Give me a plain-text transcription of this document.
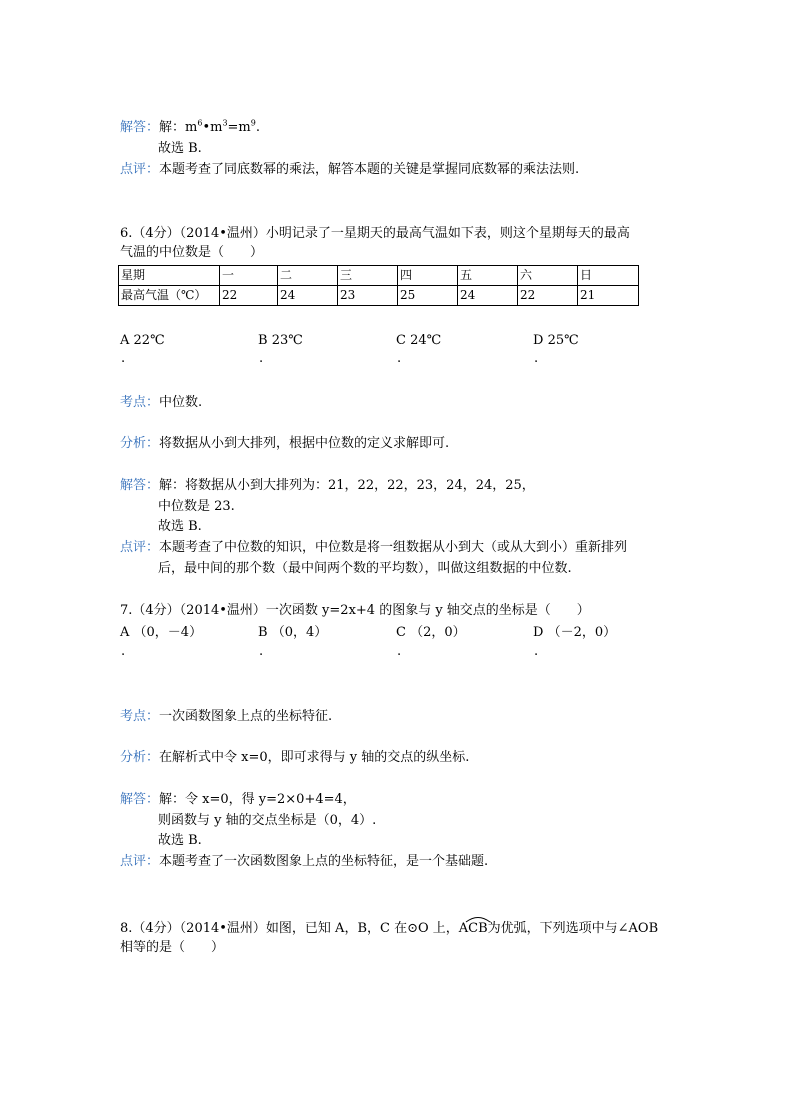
解答：解：$m^6•m^3=m^9$.
故选 B.
点评：本题考查了同底数幂的乘法，解答本题的关键是掌握同底数幂的乘法法则.
6.（4分）（2014•温州）小明记录了一星期天的最高气温如下表，则这个星期每天的最高
气温的中位数是（　　）
星期	一	二	三	四	五	六	日
最高气温（℃）	22	24	23	25	24	22	21
A 22℃	B 23℃	C 24℃	D 25℃
.	.	.	.
考点：中位数.
分析：将数据从小到大排列，根据中位数的定义求解即可.
解答：解：将数据从小到大排列为：21，22，22，23，24，24，25，
中位数是 23.
故选 B.
点评：本题考查了中位数的知识，中位数是将一组数据从小到大（或从大到小）重新排列
后，最中间的那个数（最中间两个数的平均数），叫做这组数据的中位数.
7.（4分）（2014•温州）一次函数 y=2x+4 的图象与 y 轴交点的坐标是（　　）
A （0，－4）	B （0，4）	C （2，0）	D （－2，0）
.	.	.	.
考点：一次函数图象上点的坐标特征.
分析：在解析式中令 x=0，即可求得与 y 轴的交点的纵坐标.
解答：解：令 x=0，得 y=2×0+4=4，
则函数与 y 轴的交点坐标是（0，4）.
故选 B.
点评：本题考查了一次函数图象上点的坐标特征，是一个基础题.
8.（4分）（2014•温州）如图，已知 A，B，C 在⊙O 上，ACB为优弧，下列选项中与∠AOB
相等的是（　　）
